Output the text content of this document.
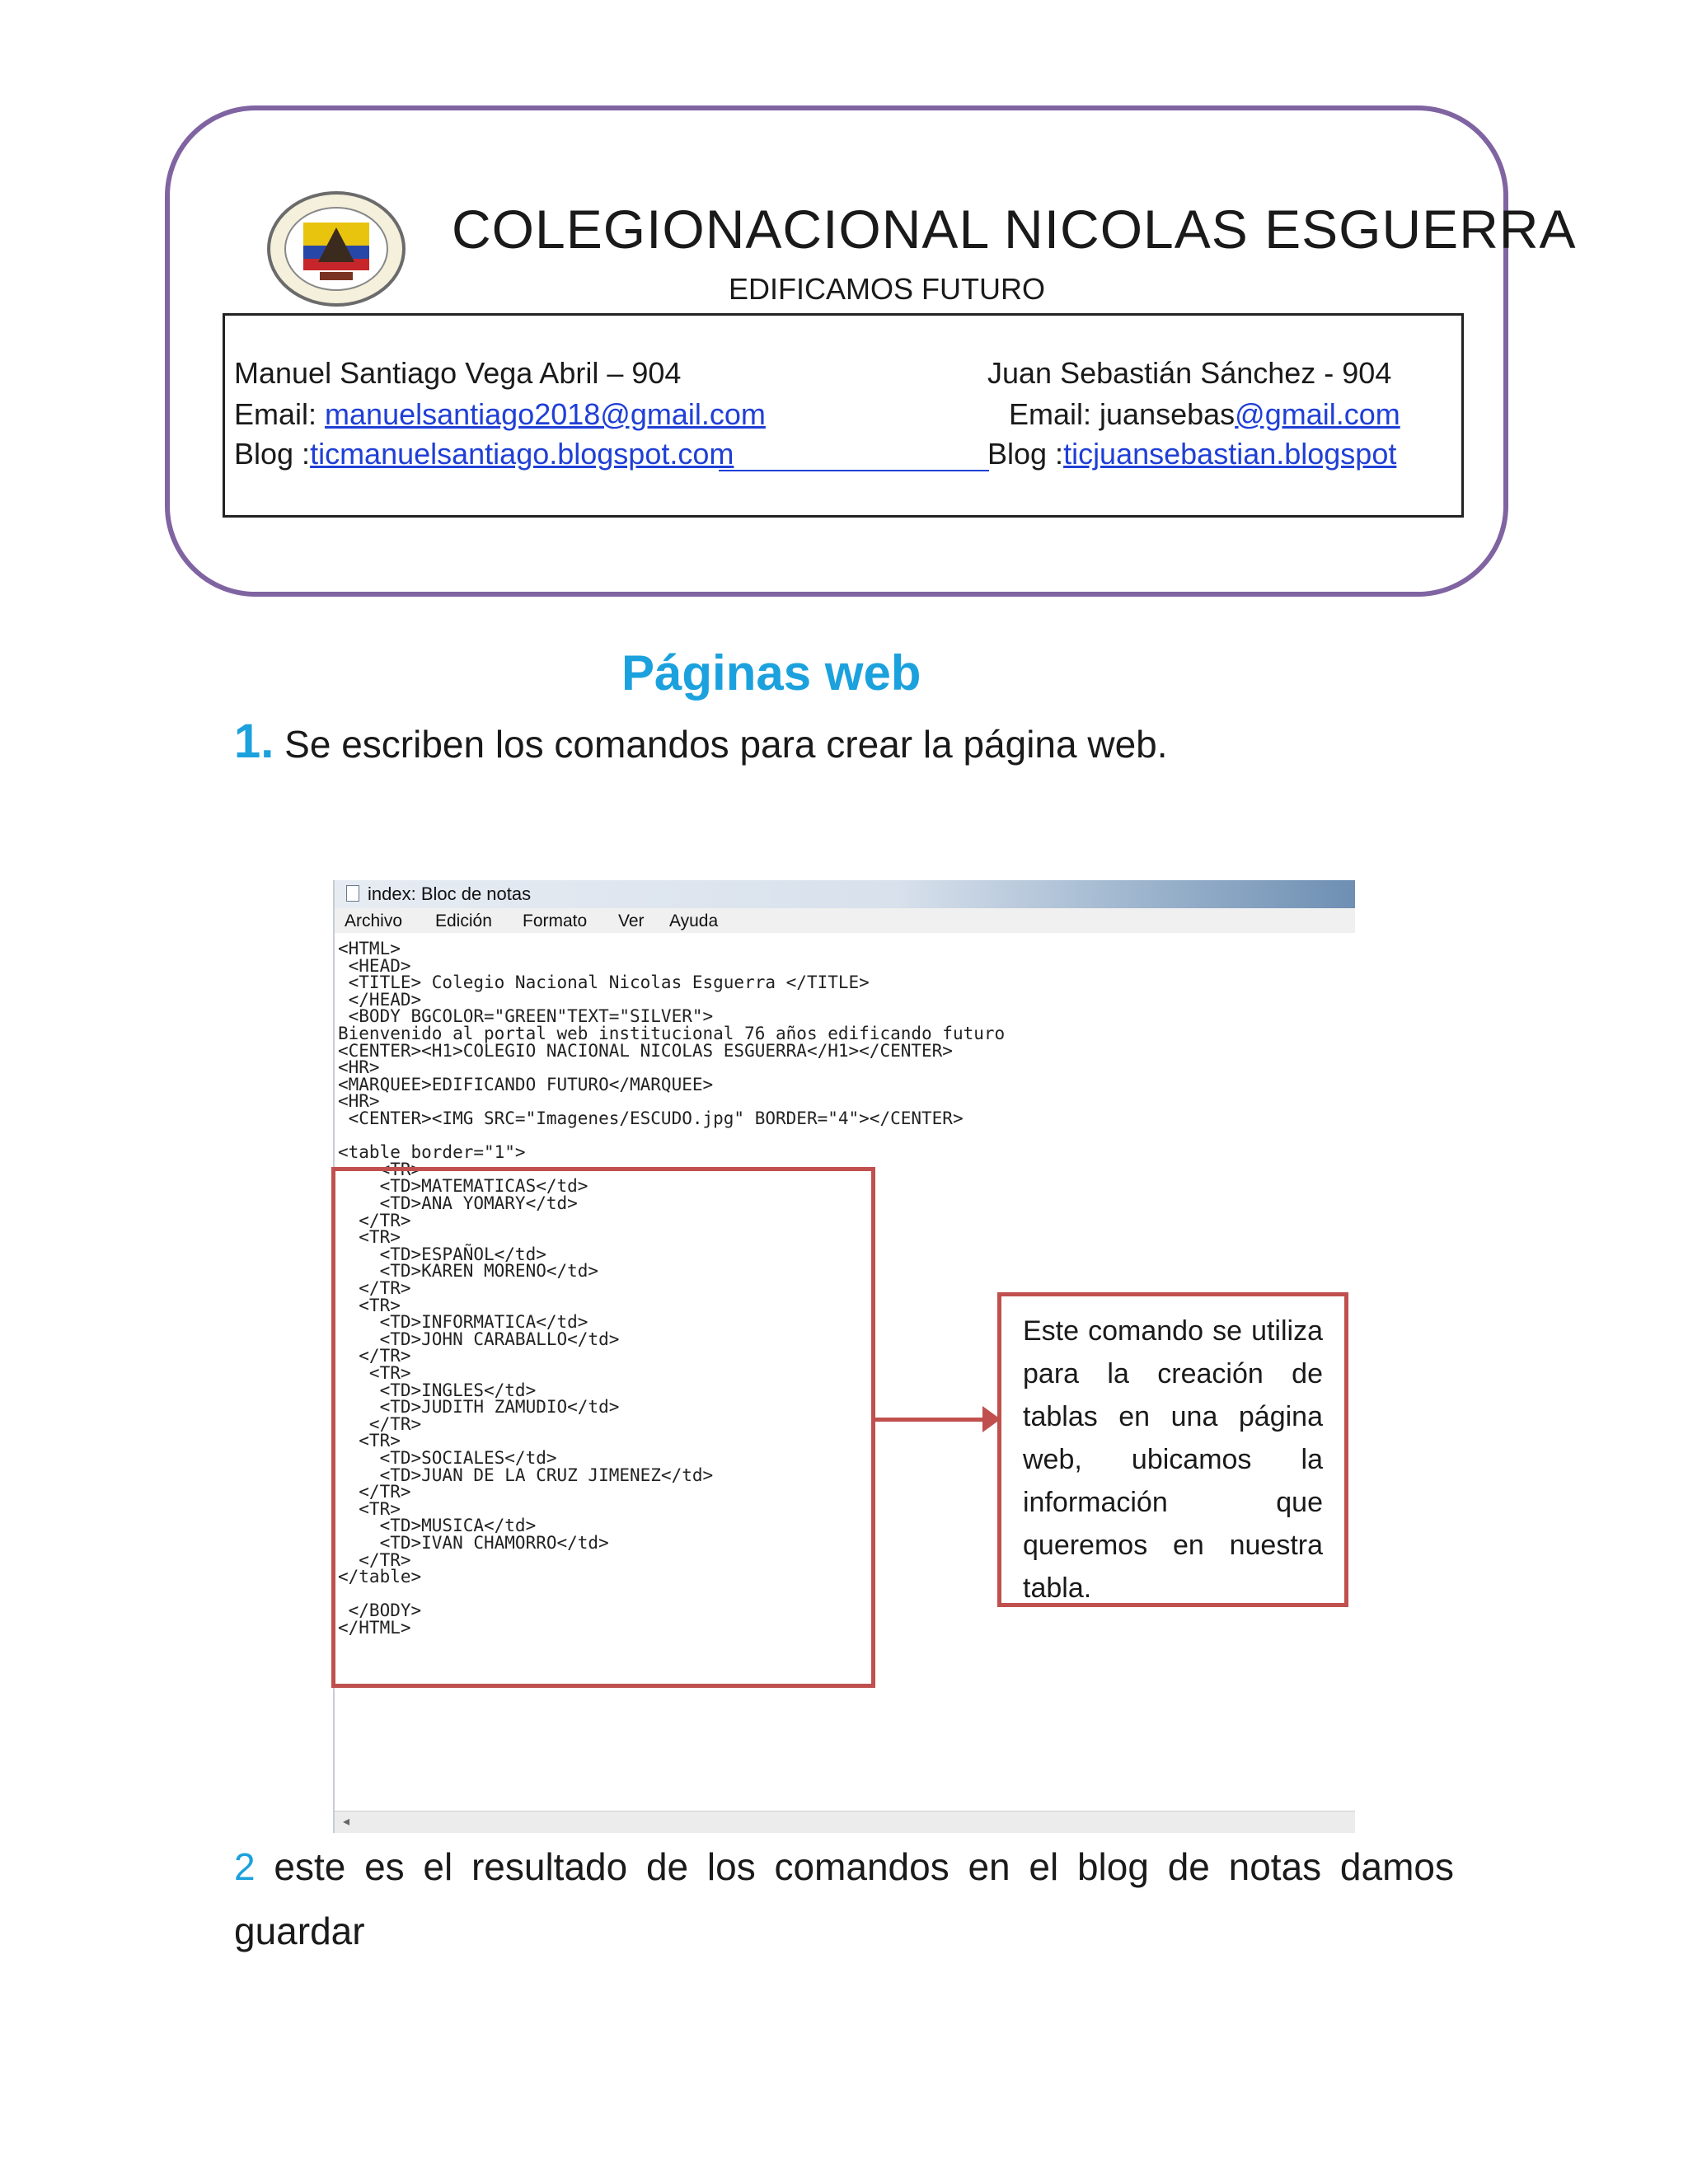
COLEGIONACIONAL NICOLAS ESGUERRA
EDIFICAMOS FUTURO
Manuel Santiago Vega Abril – 904
Email: manuelsantiago2018@gmail.com
Blog :ticmanuelsantiago.blogspot.com
Juan Sebastián Sánchez - 904
Email: juansebas@gmail.com
Blog :ticjuansebastian.blogspot
Páginas web
1. Se escriben los comandos para crear la página web.
index: Bloc de notas
Archivo Edición Formato Ver Ayuda
<HTML>
<HEAD>
<TITLE> Colegio Nacional Nicolas Esguerra </TITLE>
</HEAD>
<BODY BGCOLOR="GREEN"TEXT="SILVER">
Bienvenido al portal web institucional 76 años edificando futuro
<CENTER><H1>COLEGIO NACIONAL NICOLAS ESGUERRA</H1></CENTER>
<HR>
<MARQUEE>EDIFICANDO FUTURO</MARQUEE>
<HR>
<CENTER><IMG SRC="Imagenes/ESCUDO.jpg" BORDER="4"></CENTER>
<table border="1">
<TR>
<TD>MATEMATICAS</td>
<TD>ANA YOMARY</td>
</TR>
<TR>
<TD>ESPAÑOL</td>
<TD>KAREN MORENO</td>
</TR>
<TR>
<TD>INFORMATICA</td>
<TD>JOHN CARABALLO</td>
</TR>
<TR>
<TD>INGLES</td>
<TD>JUDITH ZAMUDIO</td>
</TR>
<TR>
<TD>SOCIALES</td>
<TD>JUAN DE LA CRUZ JIMENEZ</td>
</TR>
<TR>
<TD>MUSICA</td>
<TD>IVAN CHAMORRO</td>
</TR>
</table>
</BODY>
</HTML>
◂
Este comando se utiliza para la creación de tablas en una página web, ubicamos la información que queremos en nuestra tabla.
2 este es el resultado de los comandos en el blog de notas damos guardar
